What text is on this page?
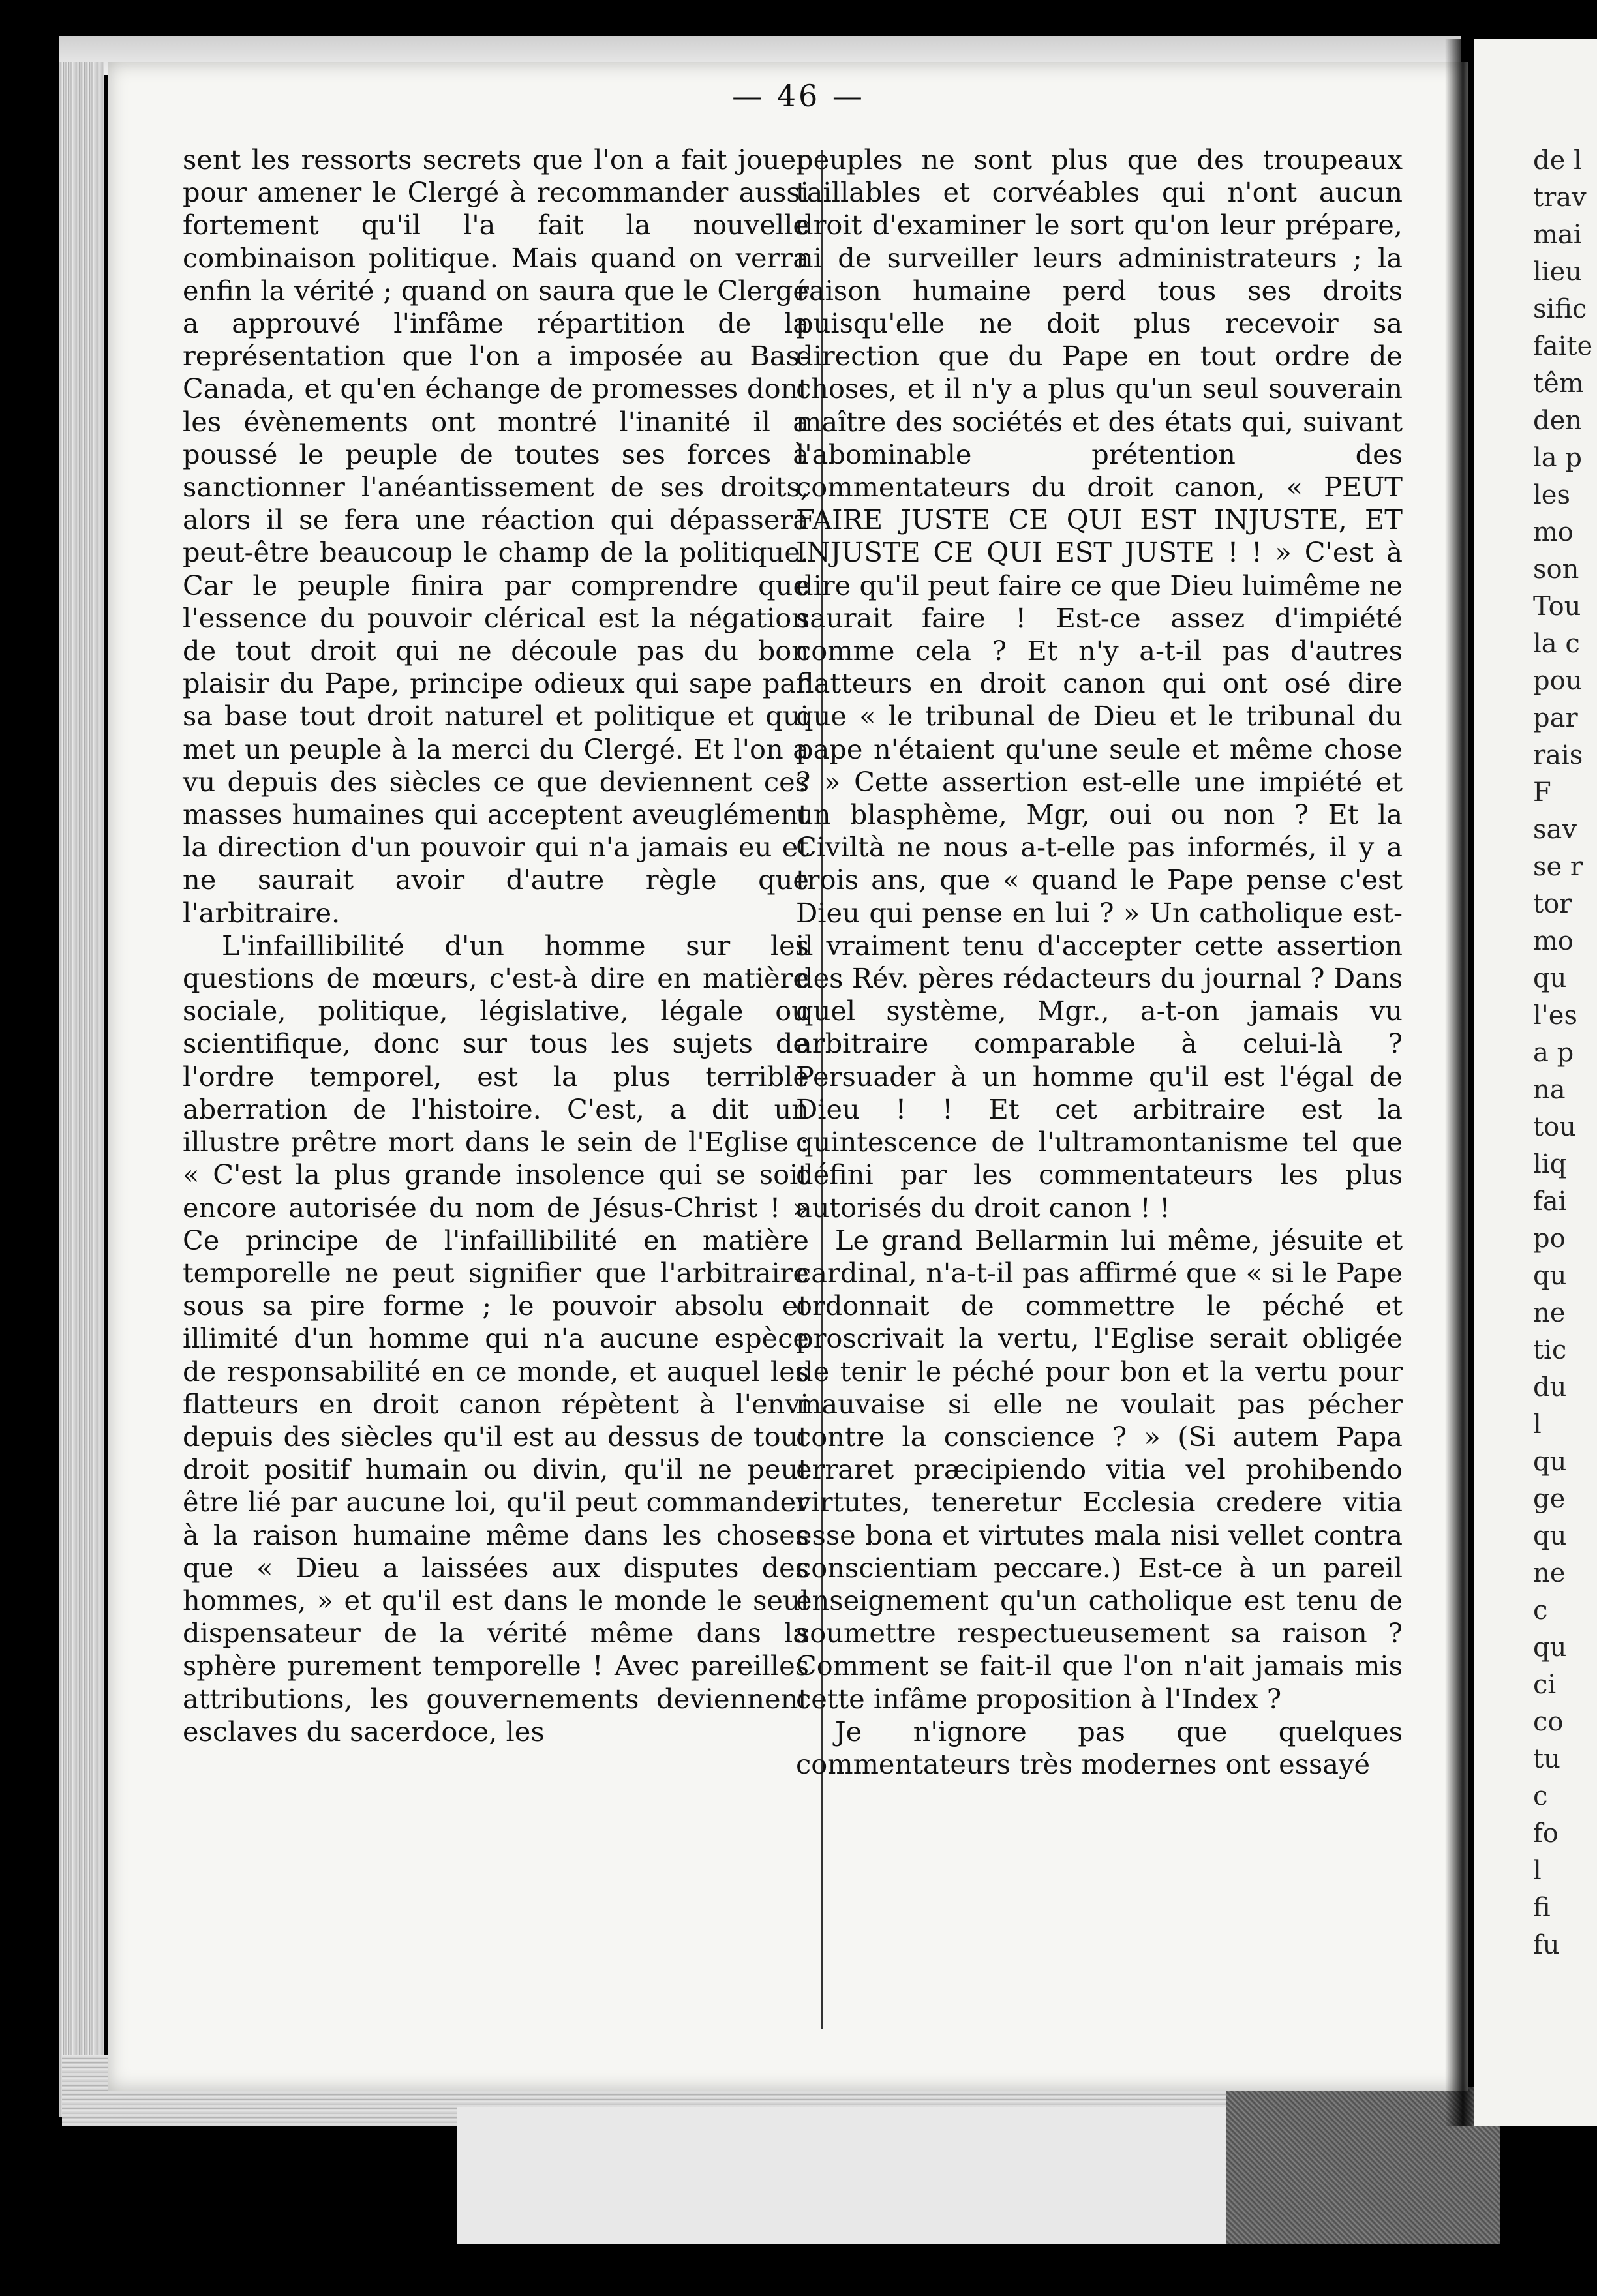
de l
trav
mai
lieu
sific
faite
têm
den
la p
les
mo
son
Tou
la c
pou
par
rais
F
sav
se r
tor
mo
qu
l'es
a p
na
tou
liq
fai
po
qu
ne
tic
du
l
qu
ge
qu
ne
c
qu
ci
co
tu
c
fo
l
fi
fu
— 46 —

sent les ressorts secrets que l'on a fait jouer pour amener le Clergé à recommander aussi fortement qu'il l'a fait la nouvelle combinaison politique. Mais quand on verra enfin la vérité ; quand on saura que le Clergé a approuvé l'infâme répartition de la représentation que l'on a imposée au Bas-Canada, et qu'en échange de promesses dont les évènements ont montré l'inanité il a poussé le peuple de toutes ses forces à sanctionner l'anéantissement de ses droits, alors il se fera une réaction qui dépassera peut-être beaucoup le champ de la politique. Car le peuple finira par comprendre que l'essence du pouvoir clérical est la négation de tout droit qui ne découle pas du bon plaisir du Pape, principe odieux qui sape par sa base tout droit naturel et politique et qui met un peuple à la merci du Clergé. Et l'on a vu depuis des siècles ce que deviennent ces masses humaines qui acceptent aveuglément la direction d'un pouvoir qui n'a jamais eu et ne saurait avoir d'autre règle que l'arbitraire.

L'infaillibilité d'un homme sur les questions de mœurs, c'est-à dire en matière sociale, politique, législative, légale ou scientifique, donc sur tous les sujets de l'ordre temporel, est la plus terrible aberration de l'histoire. C'est, a dit un illustre prêtre mort dans le sein de l'Eglise : « C'est la plus grande insolence qui se soit encore autorisée du nom de Jésus-Christ ! » Ce principe de l'infaillibilité en matière temporelle ne peut signifier que l'arbitraire sous sa pire forme ; le pouvoir absolu et illimité d'un homme qui n'a aucune espèce de responsabilité en ce monde, et auquel les flatteurs en droit canon répètent à l'envi depuis des siècles qu'il est au dessus de tout droit positif humain ou divin, qu'il ne peut être lié par aucune loi, qu'il peut commander à la raison humaine même dans les choses que « Dieu a laissées aux disputes des hommes, » et qu'il est dans le monde le seul dispensateur de la vérité même dans la sphère purement temporelle ! Avec pareilles attributions, les gouvernements deviennent esclaves du sacerdoce, les

peuples ne sont plus que des troupeaux taillables et corvéables qui n'ont aucun droit d'examiner le sort qu'on leur prépare, ni de surveiller leurs administrateurs ; la raison humaine perd tous ses droits puisqu'elle ne doit plus recevoir sa direction que du Pape en tout ordre de choses, et il n'y a plus qu'un seul souverain maître des sociétés et des états qui, suivant l'abominable prétention des commentateurs du droit canon, « PEUT FAIRE JUSTE CE QUI EST INJUSTE, ET INJUSTE CE QUI EST JUSTE ! ! » C'est à dire qu'il peut faire ce que Dieu luimême ne saurait faire ! Est-ce assez d'impiété comme cela ? Et n'y a-t-il pas d'autres flatteurs en droit canon qui ont osé dire que « le tribunal de Dieu et le tribunal du pape n'étaient qu'une seule et même chose ? » Cette assertion est-elle une impiété et un blasphème, Mgr, oui ou non ? Et la Civiltà ne nous a-t-elle pas informés, il y a trois ans, que « quand le Pape pense c'est Dieu qui pense en lui ? » Un catholique est-il vraiment tenu d'accepter cette assertion des Rév. pères rédacteurs du journal ? Dans quel système, Mgr., a-t-on jamais vu arbitraire comparable à celui-là ? Persuader à un homme qu'il est l'égal de Dieu ! ! Et cet arbitraire est la quintescence de l'ultramontanisme tel que défini par les commentateurs les plus autorisés du droit canon ! !

Le grand Bellarmin lui même, jésuite et cardinal, n'a-t-il pas affirmé que « si le Pape ordonnait de commettre le péché et proscrivait la vertu, l'Eglise serait obligée de tenir le péché pour bon et la vertu pour mauvaise si elle ne voulait pas pécher contre la conscience ? » (Si autem Papa erraret præcipiendo vitia vel prohibendo virtutes, teneretur Ecclesia credere vitia esse bona et virtutes mala nisi vellet contra conscientiam peccare.) Est-ce à un pareil enseignement qu'un catholique est tenu de soumettre respectueusement sa raison ? Comment se fait-il que l'on n'ait jamais mis cette infâme proposition à l'Index ?

Je n'ignore pas que quelques commentateurs très modernes ont essayé
